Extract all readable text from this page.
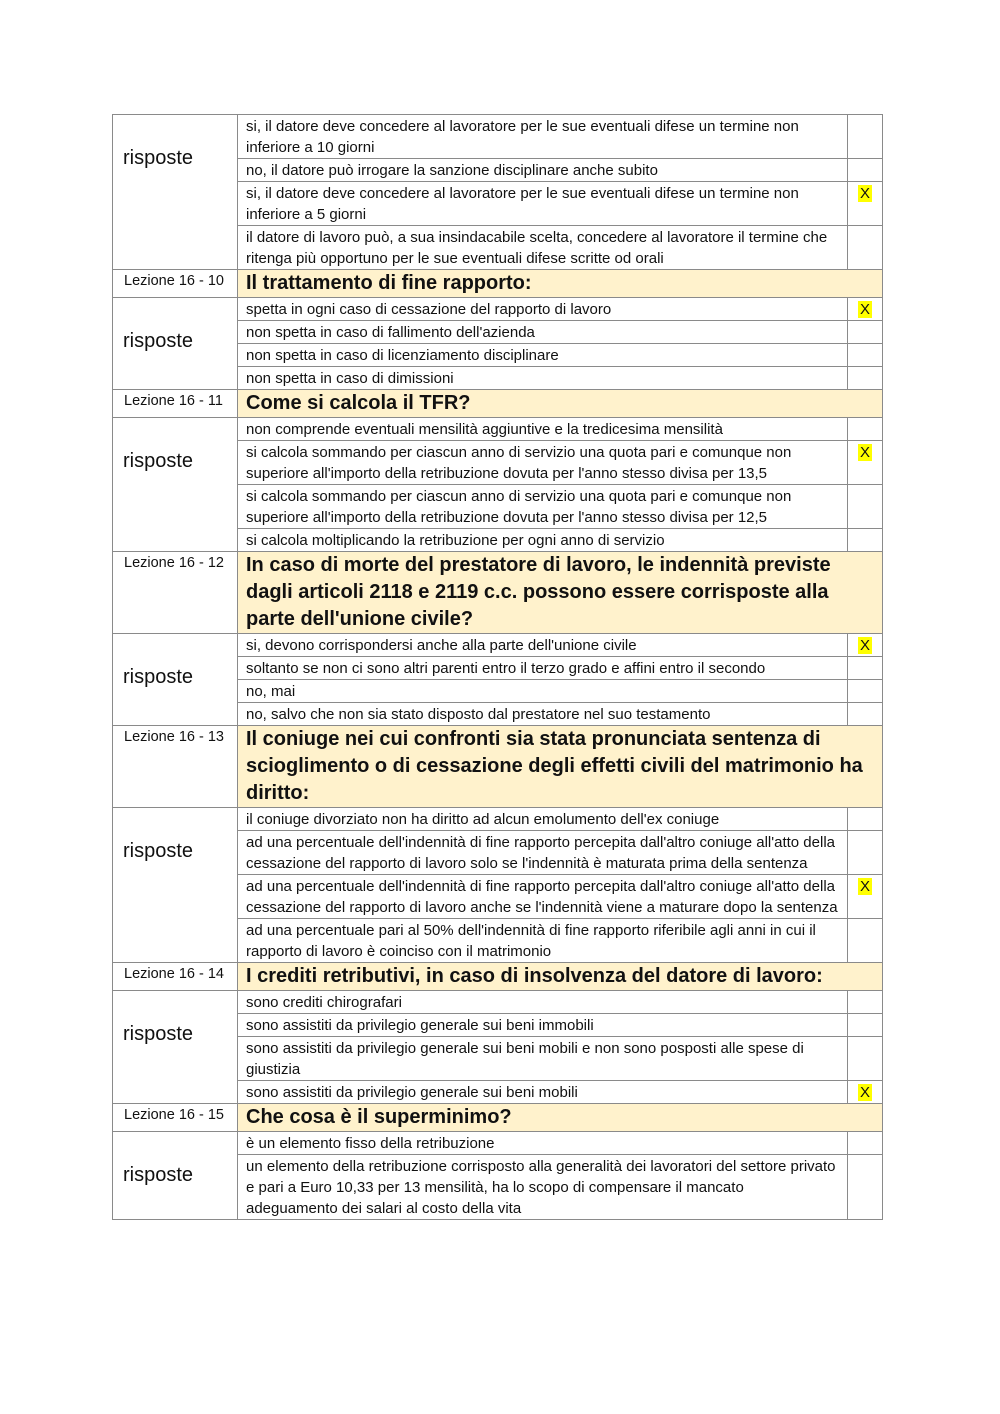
risposte	si, il datore deve concedere al lavoratore per le sue eventuali difese un termine non inferiore a 10 giorni	
	no, il datore può irrogare la sanzione disciplinare anche subito	
	si, il datore deve concedere al lavoratore per le sue eventuali difese un termine non inferiore a 5 giorni	X
	il datore di lavoro può, a sua insindacabile scelta, concedere al lavoratore il termine che ritenga più opportuno per le sue eventuali difese scritte od orali	
Lezione 16 - 10	Il trattamento di fine rapporto:	
risposte	spetta in ogni caso di cessazione del rapporto di lavoro	X
	non spetta in caso di fallimento dell'azienda	
	non spetta in caso di licenziamento disciplinare	
	non spetta in caso di dimissioni	
Lezione 16 - 11	Come si calcola il TFR?	
risposte	non comprende eventuali mensilità aggiuntive e la tredicesima mensilità	
	si calcola sommando per ciascun anno di servizio una quota pari e comunque non superiore all'importo della retribuzione dovuta per l'anno stesso divisa per 13,5	X
	si calcola sommando per ciascun anno di servizio una quota pari e comunque non superiore all'importo della retribuzione dovuta per l'anno stesso divisa per 12,5	
	si calcola moltiplicando la retribuzione per ogni anno di servizio	
Lezione 16 - 12	In caso di morte del prestatore di lavoro, le indennità previste dagli articoli 2118 e 2119 c.c. possono essere corrisposte alla parte dell'unione civile?	
risposte	si, devono corrispondersi anche alla parte dell'unione civile	X
	soltanto se non ci sono altri parenti entro il terzo grado e affini entro il secondo	
	no, mai	
	no, salvo che non sia stato disposto dal prestatore nel suo testamento	
Lezione 16 - 13	Il coniuge nei cui confronti sia stata pronunciata sentenza di scioglimento o di cessazione degli effetti civili del matrimonio ha diritto:	
risposte	il coniuge divorziato non ha diritto ad alcun emolumento dell'ex coniuge	
	ad una percentuale dell'indennità di fine rapporto percepita dall'altro coniuge all'atto della cessazione del rapporto di lavoro solo se l'indennità è maturata prima della sentenza	
	ad una percentuale dell'indennità di fine rapporto percepita dall'altro coniuge all'atto della cessazione del rapporto di lavoro anche se l'indennità viene a maturare dopo la sentenza	X
	ad una percentuale pari al 50% dell'indennità di fine rapporto riferibile agli anni in cui il rapporto di lavoro è coinciso con il matrimonio	
Lezione 16 - 14	I crediti retributivi, in caso di insolvenza del datore di lavoro:	
risposte	sono crediti chirografari	
	sono assistiti da privilegio generale sui beni immobili	
	sono assistiti da privilegio generale sui beni mobili e non sono posposti alle spese di giustizia	
	sono assistiti da privilegio generale sui beni mobili	X
Lezione 16 - 15	Che cosa è il superminimo?	
risposte	è un elemento fisso della retribuzione	
	un elemento della retribuzione corrisposto alla generalità dei lavoratori del settore privato e pari a Euro 10,33 per 13 mensilità, ha lo scopo di compensare il mancato adeguamento dei salari al costo della vita	
